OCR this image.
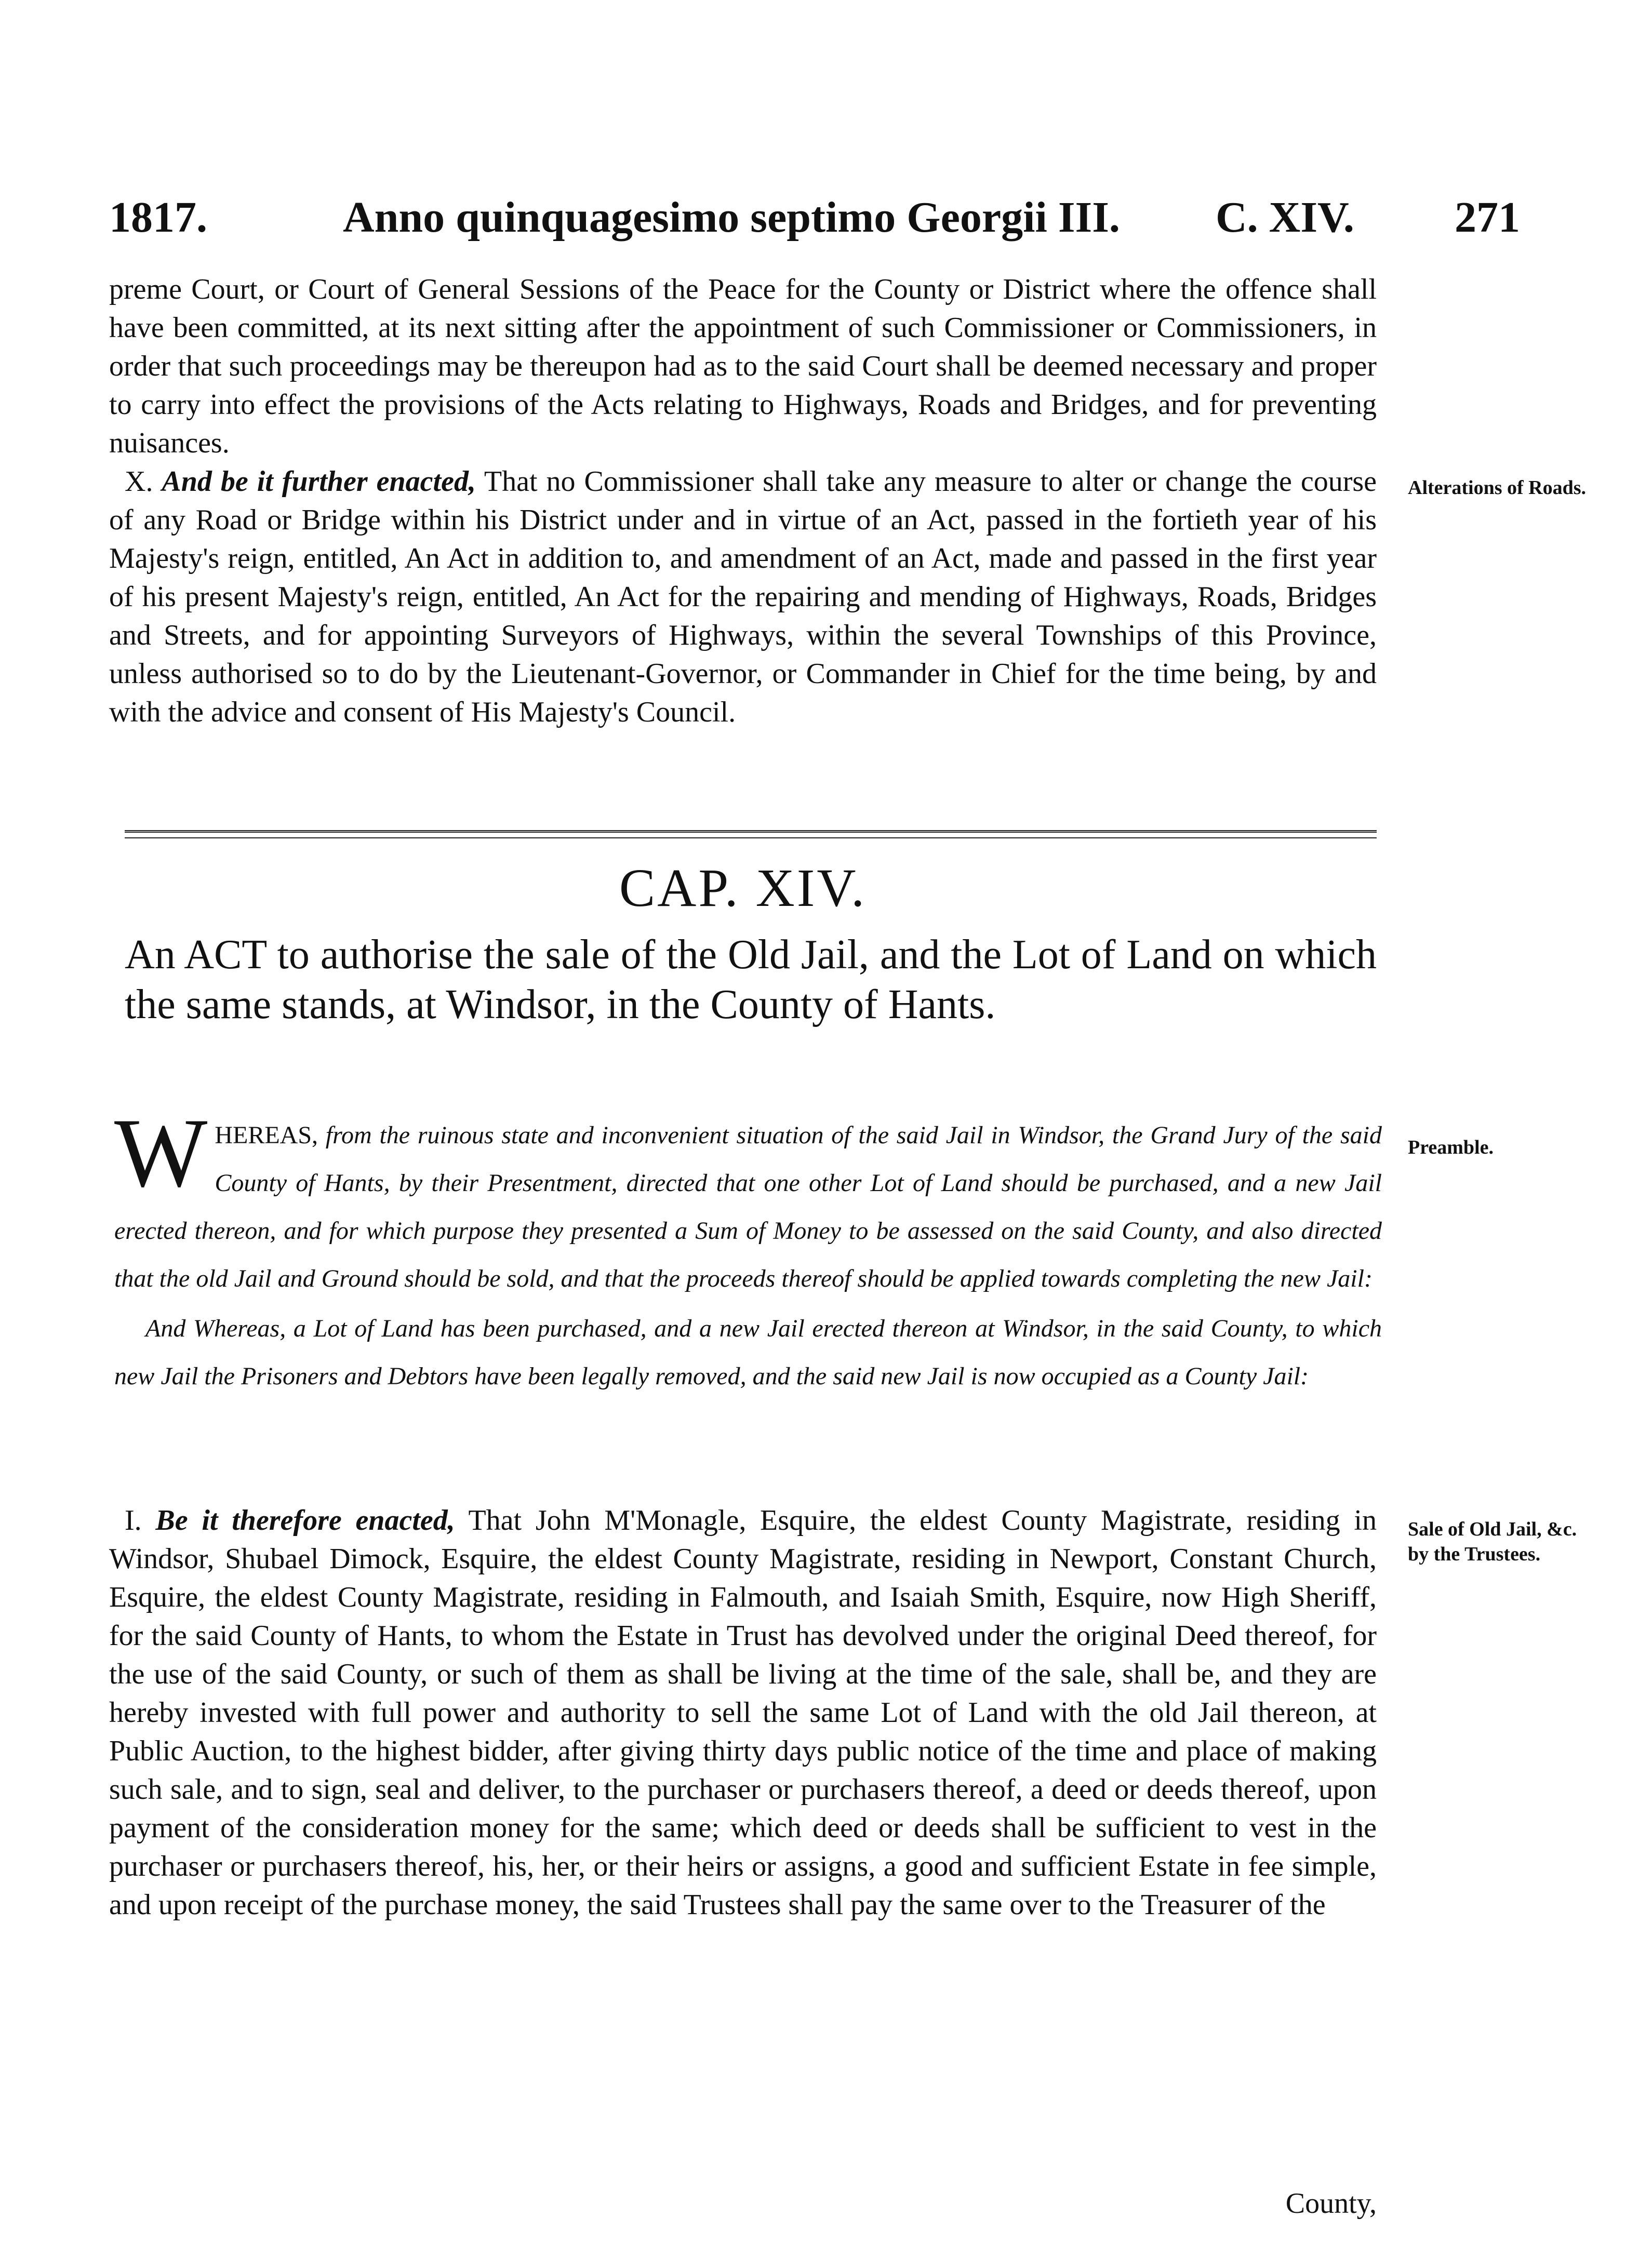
1817.	Anno quinquagesimo septimo Georgii III. C. XIV. 271

preme Court, or Court of General Sessions of the Peace for the County or District where the offence shall have been committed, at its next sitting after the appointment of such Commissioner or Commissioners, in order that such proceedings may be thereupon had as to the said Court shall be deemed necessary and proper to carry into effect the provisions of the Acts relating to Highways, Roads and Bridges, and for preventing nuisances.

X. And be it further enacted, That no Commissioner shall take any measure to alter or change the course of any Road or Bridge within his District under and in virtue of an Act, passed in the fortieth year of his Majesty's reign, entitled, An Act in addition to, and amendment of an Act, made and passed in the first year of his present Majesty's reign, entitled, An Act for the repairing and mending of Highways, Roads, Bridges and Streets, and for appointing Surveyors of Highways, within the several Townships of this Province, unless authorised so to do by the Lieutenant-Governor, or Commander in Chief for the time being, by and with the advice and consent of His Majesty's Council.

Alterations of Roads.
CAP. XIV.
An ACT to authorise the sale of the Old Jail, and the Lot of Land on which the same stands, at Windsor, in the County of Hants.

WHEREAS, from the ruinous state and inconvenient situation of the said Jail in Windsor, the Grand Jury of the said County of Hants, by their Presentment, directed that one other Lot of Land should be purchased, and a new Jail erected thereon, and for which purpose they presented a Sum of Money to be assessed on the said County, and also directed that the old Jail and Ground should be sold, and that the proceeds thereof should be applied towards completing the new Jail:

And Whereas, a Lot of Land has been purchased, and a new Jail erected thereon at Windsor, in the said County, to which new Jail the Prisoners and Debtors have been legally removed, and the said new Jail is now occupied as a County Jail:

Preamble.

I. Be it therefore enacted, That John M'Monagle, Esquire, the eldest County Magistrate, residing in Windsor, Shubael Dimock, Esquire, the eldest County Magistrate, residing in Newport, Constant Church, Esquire, the eldest County Magistrate, residing in Falmouth, and Isaiah Smith, Esquire, now High Sheriff, for the said County of Hants, to whom the Estate in Trust has devolved under the original Deed thereof, for the use of the said County, or such of them as shall be living at the time of the sale, shall be, and they are hereby invested with full power and authority to sell the same Lot of Land with the old Jail thereon, at Public Auction, to the highest bidder, after giving thirty days public notice of the time and place of making such sale, and to sign, seal and deliver, to the purchaser or purchasers thereof, a deed or deeds thereof, upon payment of the consideration money for the same; which deed or deeds shall be sufficient to vest in the purchaser or purchasers thereof, his, her, or their heirs or assigns, a good and sufficient Estate in fee simple, and upon receipt of the purchase money, the said Trustees shall pay the same over to the Treasurer of the

Sale of Old Jail, &c. by the Trustees.
County,
